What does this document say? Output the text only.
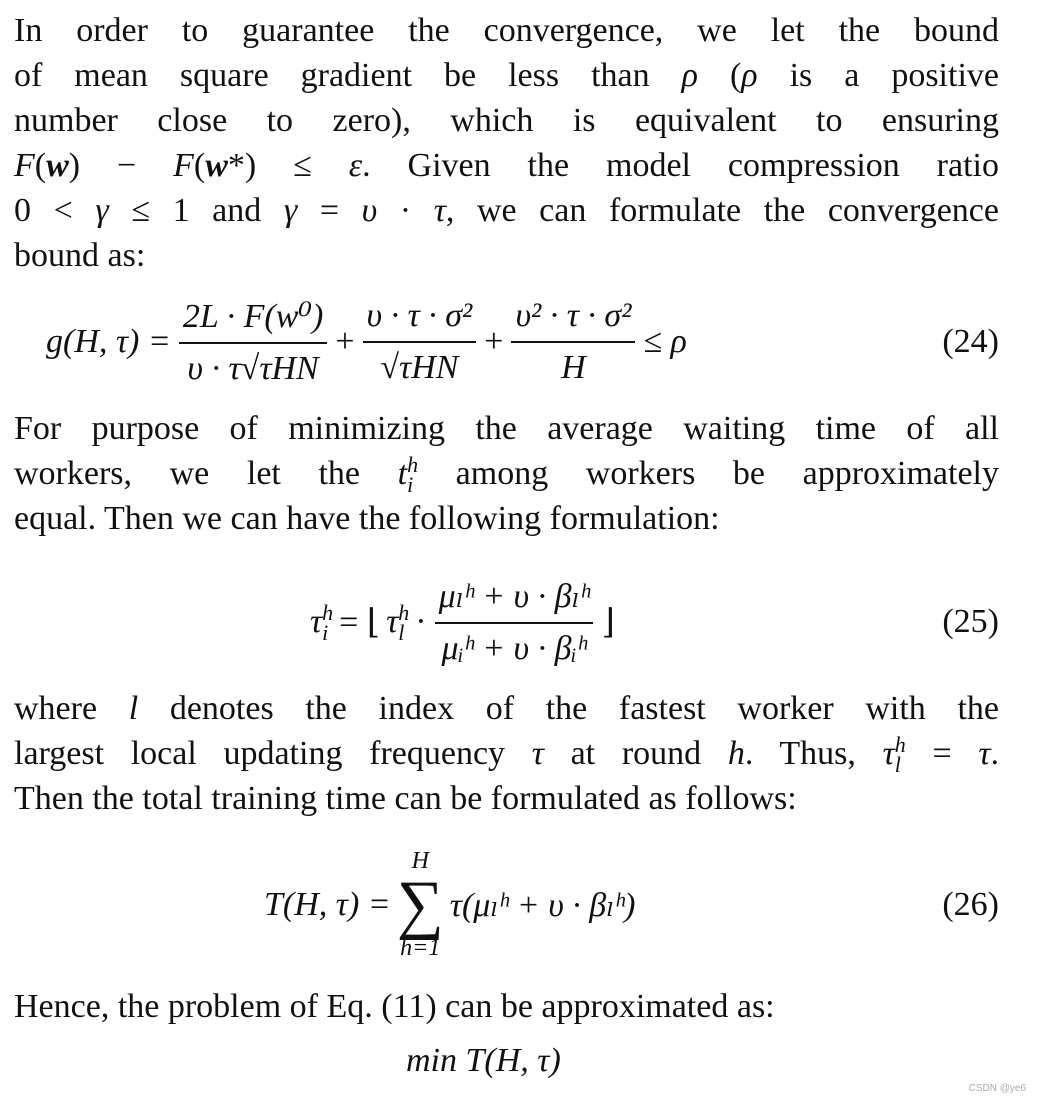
In order to guarantee the convergence, we let the bound
of mean square gradient be less than ρ (ρ is a positive
number close to zero), which is equivalent to ensuring
F(w) − F(w*) ≤ ε. Given the model compression ratio
0 < γ ≤ 1 and γ = υ · τ, we can formulate the convergence
bound as:
g(H, $\tau) = \frac{\text{2L · F(w⁰)}}{\text{υ · τ√τHN}} + \frac{\text{υ · τ · σ²}}{\text{√τHN}} + \frac{\text{υ² · τ · σ²}}{H} \le \rho$	(24)
For purpose of minimizing the average waiting time of all
workers, we let the t h
i among workers be approximately
equal. Then we can have the following formulation:
τ h
i = ⌊ τ h
$l \cdot \frac{\text{μₗʰ + υ · βₗʰ}}{\text{μᵢʰ + υ · βᵢʰ}}$ ⌋	(25)
where l denotes the index of the fastest worker with the
largest local updating frequency τ at round h. Thus, τ h
l = τ.
Then the total training time can be formulated as follows:
T(H, τ) =
H
∑
h=1
τ(μₗʰ + υ · βₗʰ)	(26)
Hence, the problem of Eq. (11) can be approximated as:
min T(H, τ)
CSDN @ye6
